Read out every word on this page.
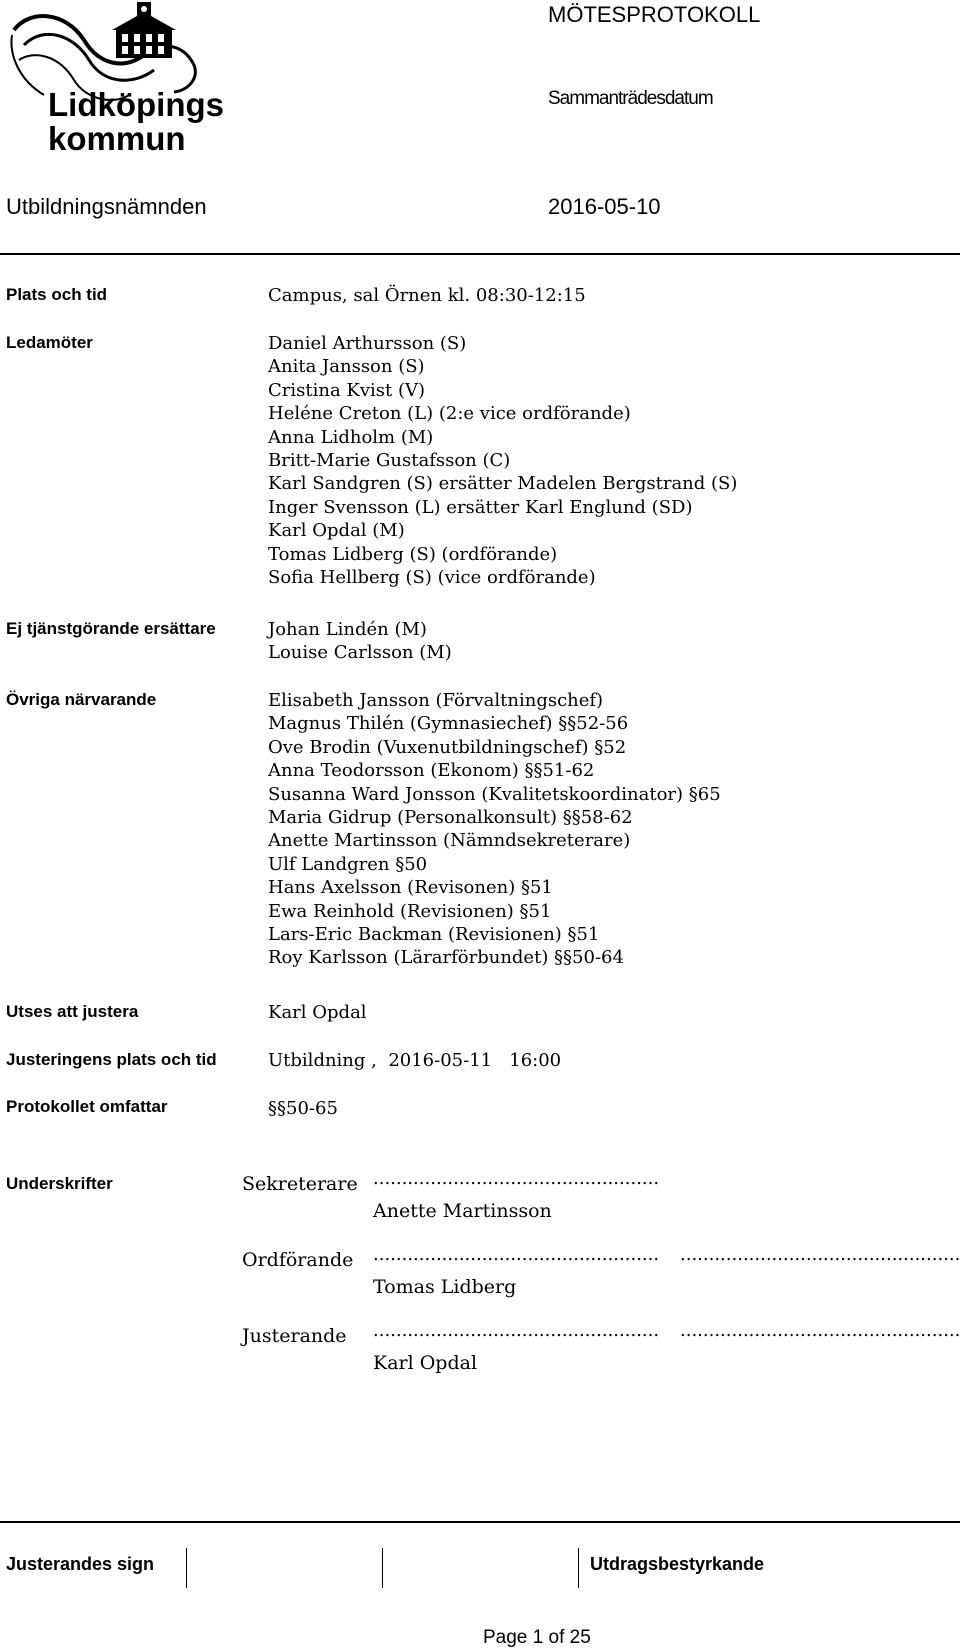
Lidköpings
kommun
MÖTESPROTOKOLL
Sammanträdesdatum
Utbildningsnämnden	2016-05-10
Plats och tid	Campus, sal Örnen kl. 08:30-12:15
Ledamöter	Daniel Arthursson (S)
Anita Jansson (S)
Cristina Kvist (V)
Heléne Creton (L) (2:e vice ordförande)
Anna Lidholm (M)
Britt-Marie Gustafsson (C)
Karl Sandgren (S) ersätter Madelen Bergstrand (S)
Inger Svensson (L) ersätter Karl Englund (SD)
Karl Opdal (M)
Tomas Lidberg (S) (ordförande)
Sofia Hellberg (S) (vice ordförande)
Ej tjänstgörande ersättare	Johan Lindén (M)
Louise Carlsson (M)
Övriga närvarande	Elisabeth Jansson (Förvaltningschef)
Magnus Thilén (Gymnasiechef) §§52-56
Ove Brodin (Vuxenutbildningschef) §52
Anna Teodorsson (Ekonom) §§51-62
Susanna Ward Jonsson (Kvalitetskoordinator) §65
Maria Gidrup (Personalkonsult) §§58-62
Anette Martinsson (Nämndsekreterare)
Ulf Landgren §50
Hans Axelsson (Revisonen) §51
Ewa Reinhold (Revisionen) §51
Lars-Eric Backman (Revisionen) §51
Roy Karlsson (Lärarförbundet) §§50-64
Utses att justera	Karl Opdal
Justeringens plats och tid	Utbildning ,  2016-05-11   16:00
Protokollet omfattar	§§50-65
Underskrifter	Sekreterare ..................................................
Anette Martinsson
Ordförande .................................................. .................................................
Tomas Lidberg
Justerande .................................................. .................................................
Karl Opdal
Justerandes sign	Utdragsbestyrkande
Page 1 of 25
